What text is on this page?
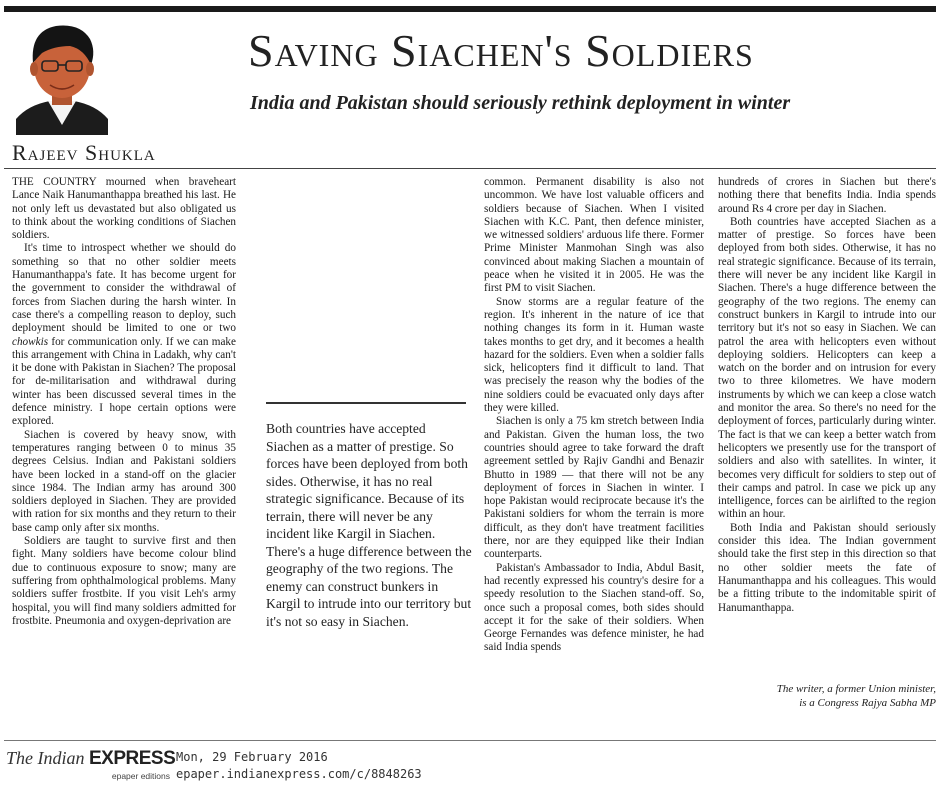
Saving Siachen's Soldiers
India and Pakistan should seriously rethink deployment in winter
Rajeev Shukla

THE COUNTRY mourned when braveheart Lance Naik Hanumanthappa breathed his last. He not only left us devastated but also obligated us to think about the working conditions of Siachen soldiers.

It's time to introspect whether we should do something so that no other soldier meets Hanumanthappa's fate. It has become urgent for the government to consider the withdrawal of forces from Siachen during the harsh winter. In case there's a compelling reason to deploy, such deployment should be limited to one or two chowkis for communication only. If we can make this arrangement with China in Ladakh, why can't it be done with Pakistan in Siachen? The proposal for de-militarisation and withdrawal during winter has been discussed several times in the defence ministry. I hope certain options were explored.

Siachen is covered by heavy snow, with temperatures ranging between 0 to minus 35 degrees Celsius. Indian and Pakistani soldiers have been locked in a stand-off on the glacier since 1984. The Indian army has around 300 soldiers deployed in Siachen. They are provided with ration for six months and they return to their base camp only after six months.

Soldiers are taught to survive first and then fight. Many soldiers have become colour blind due to continuous exposure to snow; many are suffering from ophthalmological problems. Many soldiers suffer frostbite. If you visit Leh's army hospital, you will find many soldiers admitted for frostbite. Pneumonia and oxygen-deprivation are

Both countries have accepted Siachen as a matter of prestige. So forces have been deployed from both sides. Otherwise, it has no real strategic significance. Because of its terrain, there will never be any incident like Kargil in Siachen. There's a huge difference between the geography of the two regions. The enemy can construct bunkers in Kargil to intrude into our territory but it's not so easy in Siachen.

common. Permanent disability is also not uncommon. We have lost valuable officers and soldiers because of Siachen. When I visited Siachen with K.C. Pant, then defence minister, we witnessed soldiers' arduous life there. Former Prime Minister Manmohan Singh was also convinced about making Siachen a mountain of peace when he visited it in 2005. He was the first PM to visit Siachen.

Snow storms are a regular feature of the region. It's inherent in the nature of ice that nothing changes its form in it. Human waste takes months to get dry, and it becomes a health hazard for the soldiers. Even when a soldier falls sick, helicopters find it difficult to land. That was precisely the reason why the bodies of the nine soldiers could be evacuated only days after they were killed.

Siachen is only a 75 km stretch between India and Pakistan. Given the human loss, the two countries should agree to take forward the draft agreement settled by Rajiv Gandhi and Benazir Bhutto in 1989 — that there will not be any deployment of forces in Siachen in winter. I hope Pakistan would reciprocate because it's the Pakistani soldiers for whom the terrain is more difficult, as they don't have treatment facilities there, nor are they equipped like their Indian counterparts.

Pakistan's Ambassador to India, Abdul Basit, had recently expressed his country's desire for a speedy resolution to the Siachen stand-off. So, once such a proposal comes, both sides should accept it for the sake of their soldiers. When George Fernandes was defence minister, he had said India spends

hundreds of crores in Siachen but there's nothing there that benefits India. India spends around Rs 4 crore per day in Siachen.

Both countries have accepted Siachen as a matter of prestige. So forces have been deployed from both sides. Otherwise, it has no real strategic significance. Because of its terrain, there will never be any incident like Kargil in Siachen. There's a huge difference between the geography of the two regions. The enemy can construct bunkers in Kargil to intrude into our territory but it's not so easy in Siachen. We can patrol the area with helicopters even without deploying soldiers. Helicopters can keep a watch on the border and on intrusion for every two to three kilometres. We have modern instruments by which we can keep a close watch and monitor the area. So there's no need for the deployment of forces, particularly during winter. The fact is that we can keep a better watch from helicopters we presently use for the transport of soldiers and also with satellites. In winter, it becomes very difficult for soldiers to step out of their camps and patrol. In case we pick up any intelligence, forces can be airlifted to the region within an hour.

Both India and Pakistan should seriously consider this idea. The Indian government should take the first step in this direction so that no other soldier meets the fate of Hanumanthappa and his colleagues. This would be a fitting tribute to the indomitable spirit of Hanumanthappa.

The writer, a former Union minister,
is a Congress Rajya Sabha MP

The Indian EXPRESS
epaper editions
Mon, 29 February 2016
epaper.indianexpress.com/c/8848263
